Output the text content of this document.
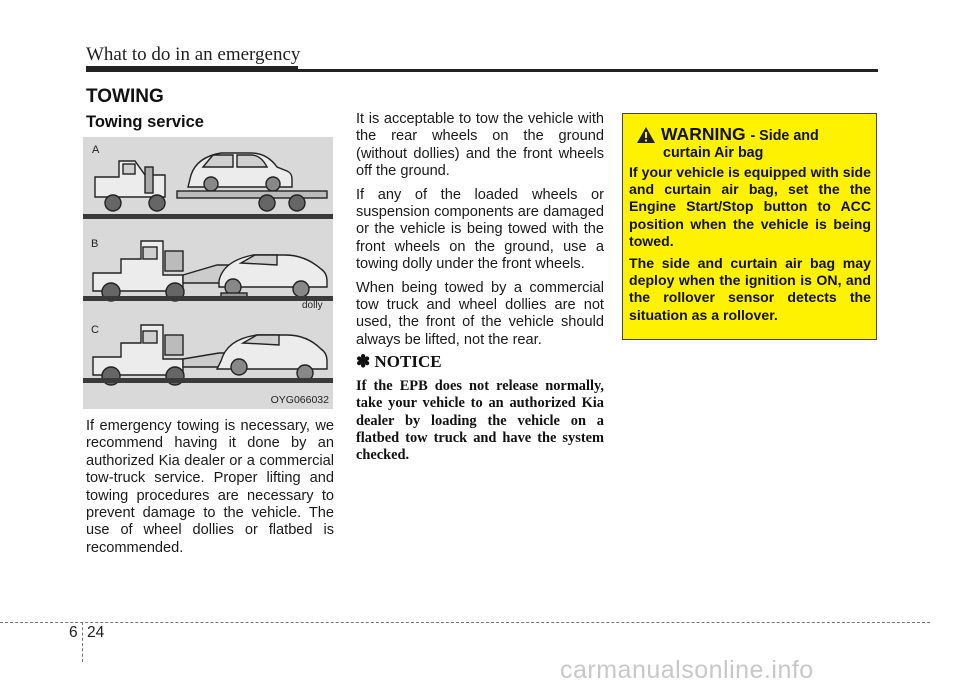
What to do in an emergency
TOWING
Towing service
A
B
C
dolly
OYG066032
If emergency towing is necessary, we recommend having it done by an authorized Kia dealer or a commercial tow-truck service. Proper lifting and towing procedures are necessary to prevent damage to the vehicle. The use of wheel dollies or flatbed is recommended.

It is acceptable to tow the vehicle with the rear wheels on the ground (without dollies) and the front wheels off the ground.

If any of the loaded wheels or suspension components are damaged or the vehicle is being towed with the front wheels on the ground, use a towing dolly under the front wheels.

When being towed by a commercial tow truck and wheel dollies are not used, the front of the vehicle should always be lifted, not the rear.

✽ NOTICE
If the EPB does not release normally, take your vehicle to an authorized Kia dealer by loading the vehicle on a flatbed tow truck and have the system checked.
WARNING - Side and
curtain Air bag

If your vehicle is equipped with side and curtain air bag, set the the Engine Start/Stop button to ACC position when the vehicle is being towed.

The side and curtain air bag may deploy when the ignition is ON, and the rollover sensor detects the situation as a rollover.

6 24
carmanualsonline.info
